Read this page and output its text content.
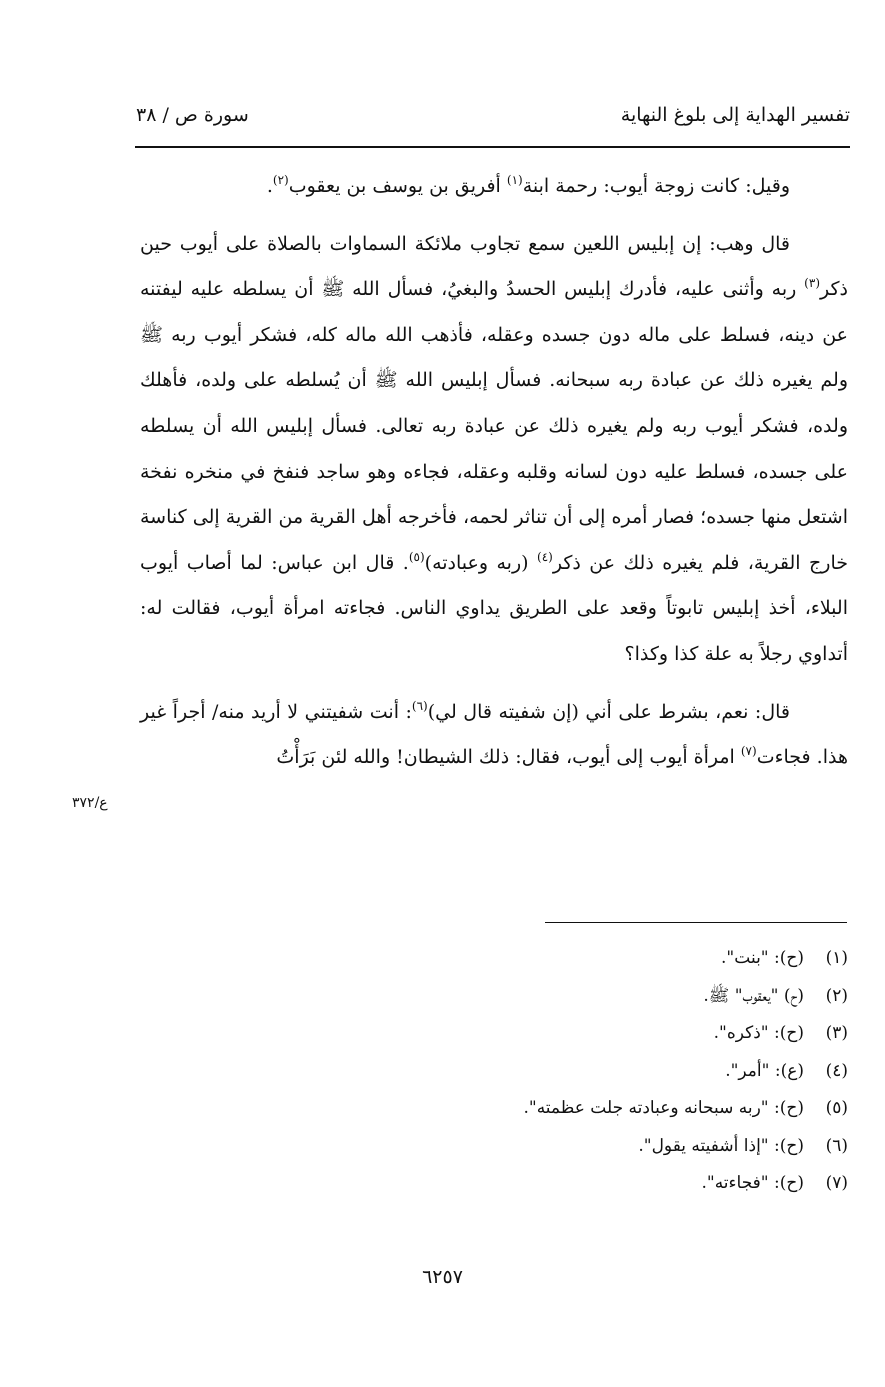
تفسير الهداية إلى بلوغ النهاية
سورة ص / ٣٨

وقيل: كانت زوجة أيوب: رحمة ابنة$^{(١)}$ أفريق بن يوسف بن يعقوب$^{(٢)}$.

قال وهب: إن إبليس اللعين سمع تجاوب ملائكة السماوات بالصلاة على أيوب حين ذكر$^{(٣)}$ ربه وأثنى عليه، فأدرك إبليس الحسدُ والبغيُ، فسأل الله ﷺ أن يسلطه عليه ليفتنه عن دينه، فسلط على ماله دون جسده وعقله، فأذهب الله ماله كله، فشكر أيوب ربه ﷺ ولم يغيره ذلك عن عبادة ربه سبحانه. فسأل إبليس الله ﷺ أن يُسلطه على ولده، فأهلك ولده، فشكر أيوب ربه ولم يغيره ذلك عن عبادة ربه تعالى. فسأل إبليس الله أن يسلطه على جسده، فسلط عليه دون لسانه وقلبه وعقله، فجاءه وهو ساجد فنفخ في منخره نفخة اشتعل منها جسده؛ فصار أمره إلى أن تناثر لحمه، فأخرجه أهل القرية من القرية إلى كناسة خارج القرية، فلم يغيره ذلك عن ذكر$^{(٤)}$ (ربه وعبادته)$^{(٥)}$. قال ابن عباس: لما أصاب أيوب البلاء، أخذ إبليس تابوتاً وقعد على الطريق يداوي الناس. فجاءته امرأة أيوب، فقالت له: أتداوي رجلاً به علة كذا وكذا؟

قال: نعم، بشرط على أني (إن شفيته قال لي)$^{(٦)}$: أنت شفيتني لا أريد منه/ أجراً غير هذا. فجاءت$^{(٧)}$ امرأة أيوب إلى أيوب، فقال: ذلك الشيطان! والله لئن بَرَأْتُ

ع/٣٧٢
(١)(ح): "بنت".
(٢)(ح) "يعقوب" ﷺ.
(٣)(ح): "ذكره".
(٤)(ع): "أمر".
(٥)(ح): "ربه سبحانه وعبادته جلت عظمته".
(٦)(ح): "إذا أشفيته يقول".
(٧)(ح): "فجاءته".
٦٢٥٧
